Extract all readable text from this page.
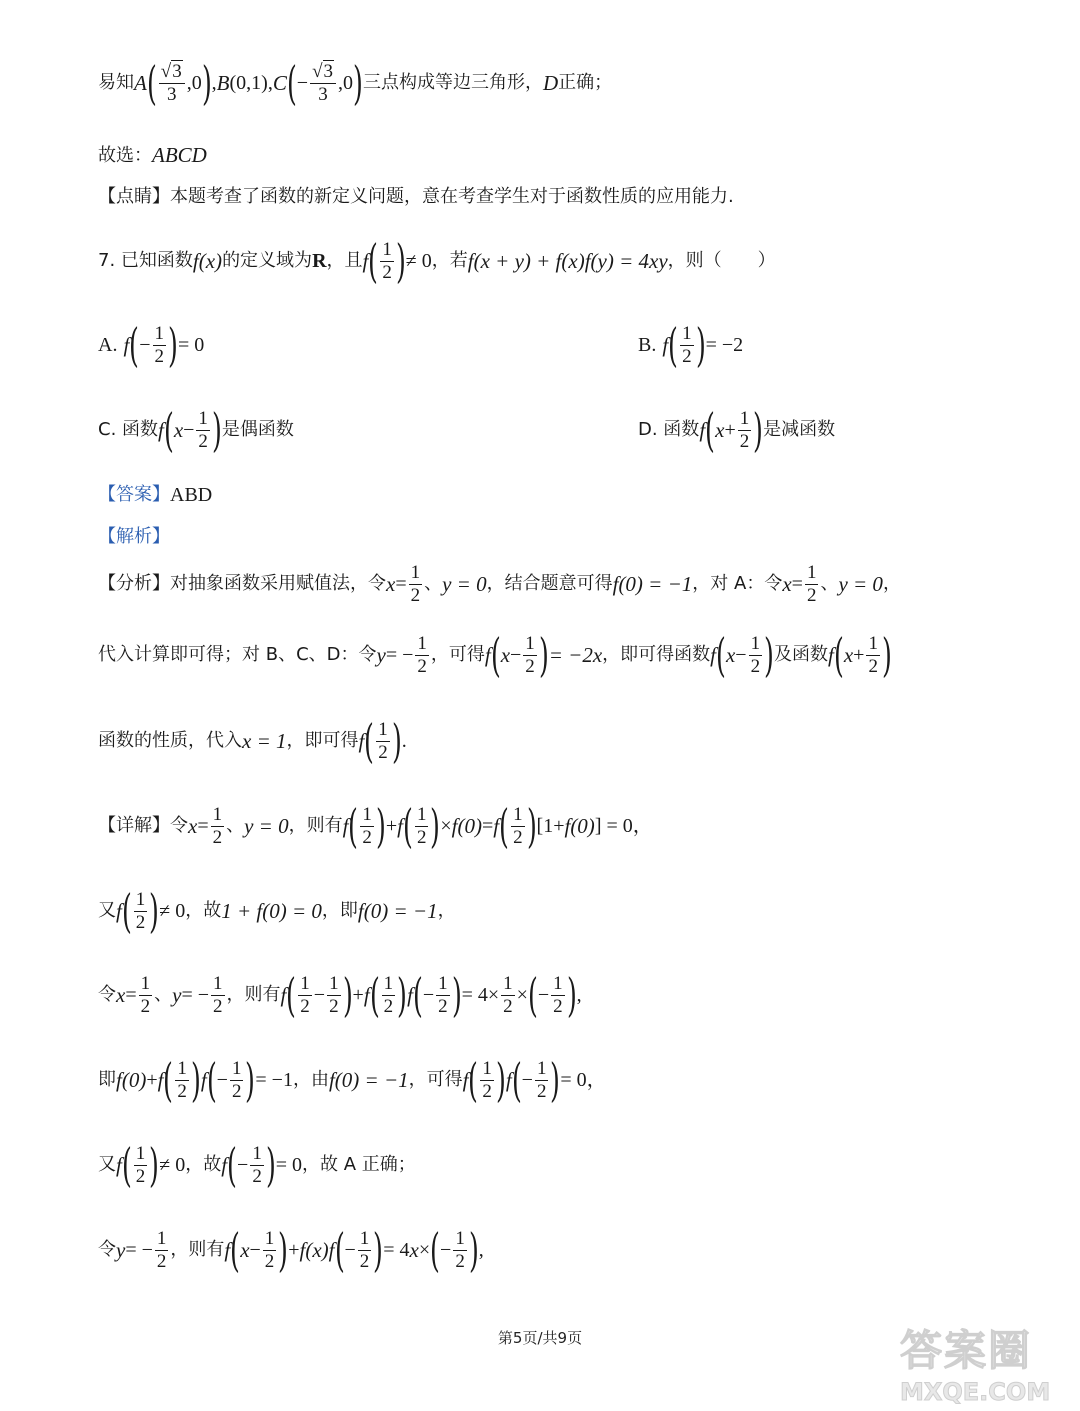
易知 A ( $\frac{√3}{3}$ , 0 ) , B (0,1), C ( − $\frac{√3}{3}$ , 0 ) 三点构成等边三角形， D 正确；
故选： ABCD
【点睛】本题考查了函数的新定义问题，意在考查学生对于函数性质的应用能力.
7. 已知函数 f(x) 的定义域为 R ，且 f ( $\frac{1}{2}$ ) ≠ 0 ，若 f(x + y) + f(x)f(y) = 4xy ，则（　　）
A. f ( − $\frac{1}{2}$ ) = 0	B. f ( $\frac{1}{2}$ ) = −2
C. 函数 f ( $x - \frac{1}{2}$ ) 是偶函数	D. 函数 f ( $x + \frac{1}{2}$ ) 是减函数
【答案】 ABD
【解析】
【分析】对抽象函数采用赋值法，令 $x = \frac{1}{2}$ 、 y = 0 ，结合题意可得 f(0) = −1 ，对 A：令 $x = \frac{1}{2}$ 、 y = 0 ，
代入计算即可得；对 B、C、D：令 y = − $\frac{1}{2}$ ，可得 f ( $x - \frac{1}{2}$ ) = −2x ，即可得函数 f ( $x - \frac{1}{2}$ ) 及函数 f ( $x + \frac{1}{2}$ )
函数的性质，代入 x = 1 ，即可得 f ( $\frac{1}{2}$ ) .
【详解】令 $x = \frac{1}{2}$ 、 y = 0 ，则有 f ( $\frac{1}{2}$ ) + f ( $\frac{1}{2}$ ) × f(0) = f ( $\frac{1}{2}$ ) [1+ f(0) ] = 0，
又 f ( $\frac{1}{2}$ ) ≠ 0 ，故 1 + f(0) = 0 ，即 f(0) = −1 ，
令 $x = \frac{1}{2}$ 、 y = − $\frac{1}{2}$ ，则有 f ( $\frac{1}{2} - \frac{1}{2}$ ) + f ( $\frac{1}{2}$ ) f ( − $\frac{1}{2}$ ) = $4\times \frac{1}{2}$ × ( − $\frac{1}{2}$ ) ,
即 f(0) + f ( $\frac{1}{2}$ ) f ( − $\frac{1}{2}$ ) = −1 ，由 f(0) = −1 ，可得 f ( $\frac{1}{2}$ ) f ( − $\frac{1}{2}$ ) = 0，
又 f ( $\frac{1}{2}$ ) ≠ 0 ，故 f ( − $\frac{1}{2}$ ) = 0 ，故 A 正确；
令 y = − $\frac{1}{2}$ ，则有 f ( $x - \frac{1}{2}$ ) + f(x)f ( − $\frac{1}{2}$ ) = 4 x × ( − $\frac{1}{2}$ ) ,
第5页/共9页	答案圈
MXQE.COM
